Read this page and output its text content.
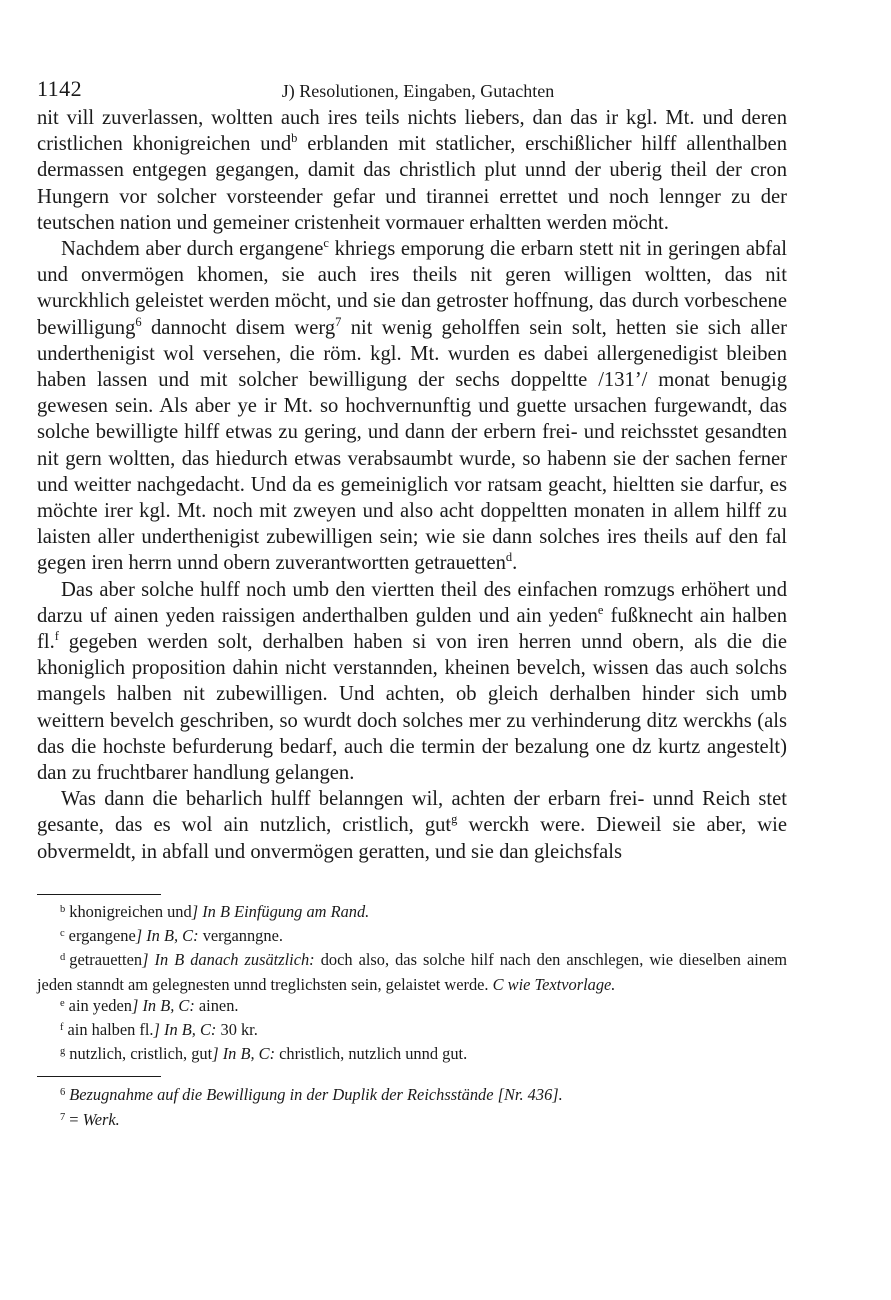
1142	J) Resolutionen, Eingaben, Gutachten

nit vill zuverlassen, woltten auch ires teils nichts liebers, dan das ir kgl. Mt. und deren cristlichen khonigreichen und$^b$ erblanden mit statlicher, erschißlicher hilff allenthalben dermassen entgegen gegangen, damit das christlich plut unnd der uberig theil der cron Hungern vor solcher vorsteender gefar und tirannei errettet und noch lennger zu der teutschen nation und gemeiner cristenheit vormauer erhaltten werden möcht.

Nachdem aber durch ergangene$^c$ khriegs emporung die erbarn stett nit in geringen abfal und onvermögen khomen, sie auch ires theils nit geren willigen woltten, das nit wurckhlich geleistet werden möcht, und sie dan getroster hoffnung, das durch vorbeschene bewilligung$^6$ dannocht disem werg$^7$ nit wenig geholffen sein solt, hetten sie sich aller underthenigist wol versehen, die röm. kgl. Mt. wurden es dabei allergenedigist bleiben haben lassen und mit solcher bewilligung der sechs doppeltte /131’/ monat benugig gewesen sein. Als aber ye ir Mt. so hochvernunftig und guette ursachen furgewandt, das solche bewilligte hilff etwas zu gering, und dann der erbern frei- und reichsstet gesandten nit gern woltten, das hiedurch etwas verabsaumbt wurde, so habenn sie der sachen ferner und weitter nachgedacht. Und da es gemeiniglich vor ratsam geacht, hieltten sie darfur, es möchte irer kgl. Mt. noch mit zweyen und also acht doppeltten monaten in allem hilff zu laisten aller underthenigist zubewilligen sein; wie sie dann solches ires theils auf den fal gegen iren herrn unnd obern zuverantwortten getrauetten$^d$.

Das aber solche hulff noch umb den viertten theil des einfachen romzugs erhöhert und darzu uf ainen yeden raissigen anderthalben gulden und ain yeden$^e$ fußknecht ain halben fl.$^f$ gegeben werden solt, derhalben haben si von iren herren unnd obern, als die die khoniglich proposition dahin nicht verstannden, kheinen bevelch, wissen das auch solchs mangels halben nit zubewilligen. Und achten, ob gleich derhalben hinder sich umb weittern bevelch geschriben, so wurdt doch solches mer zu verhinderung ditz werckhs (als das die hochste befurderung bedarf, auch die termin der bezalung one dz kurtz angestelt) dan zu fruchtbarer handlung gelangen.

Was dann die beharlich hulff belanngen wil, achten der erbarn frei- unnd Reich stet gesante, das es wol ain nutzlich, cristlich, gut$^g$ werckh were. Dieweil sie aber, wie obvermeldt, in abfall und onvermögen geratten, und sie dan gleichsfals

$^b$ khonigreichen und] In B Einfügung am Rand.

$^c$ ergangene] In B, C: verganngne.

$^d$ getrauetten] In B danach zusätzlich: doch also, das solche hilf nach den anschlegen, wie dieselben ainem jeden stanndt am gelegnesten unnd treglichsten sein, gelaistet werde. C wie Textvorlage.

$^e$ ain yeden] In B, C: ainen.

$^f$ ain halben fl.] In B, C: 30 kr.

$^g$ nutzlich, cristlich, gut] In B, C: christlich, nutzlich unnd gut.

$^6$ Bezugnahme auf die Bewilligung in der Duplik der Reichsstände [Nr. 436].

$^7$ = Werk.
